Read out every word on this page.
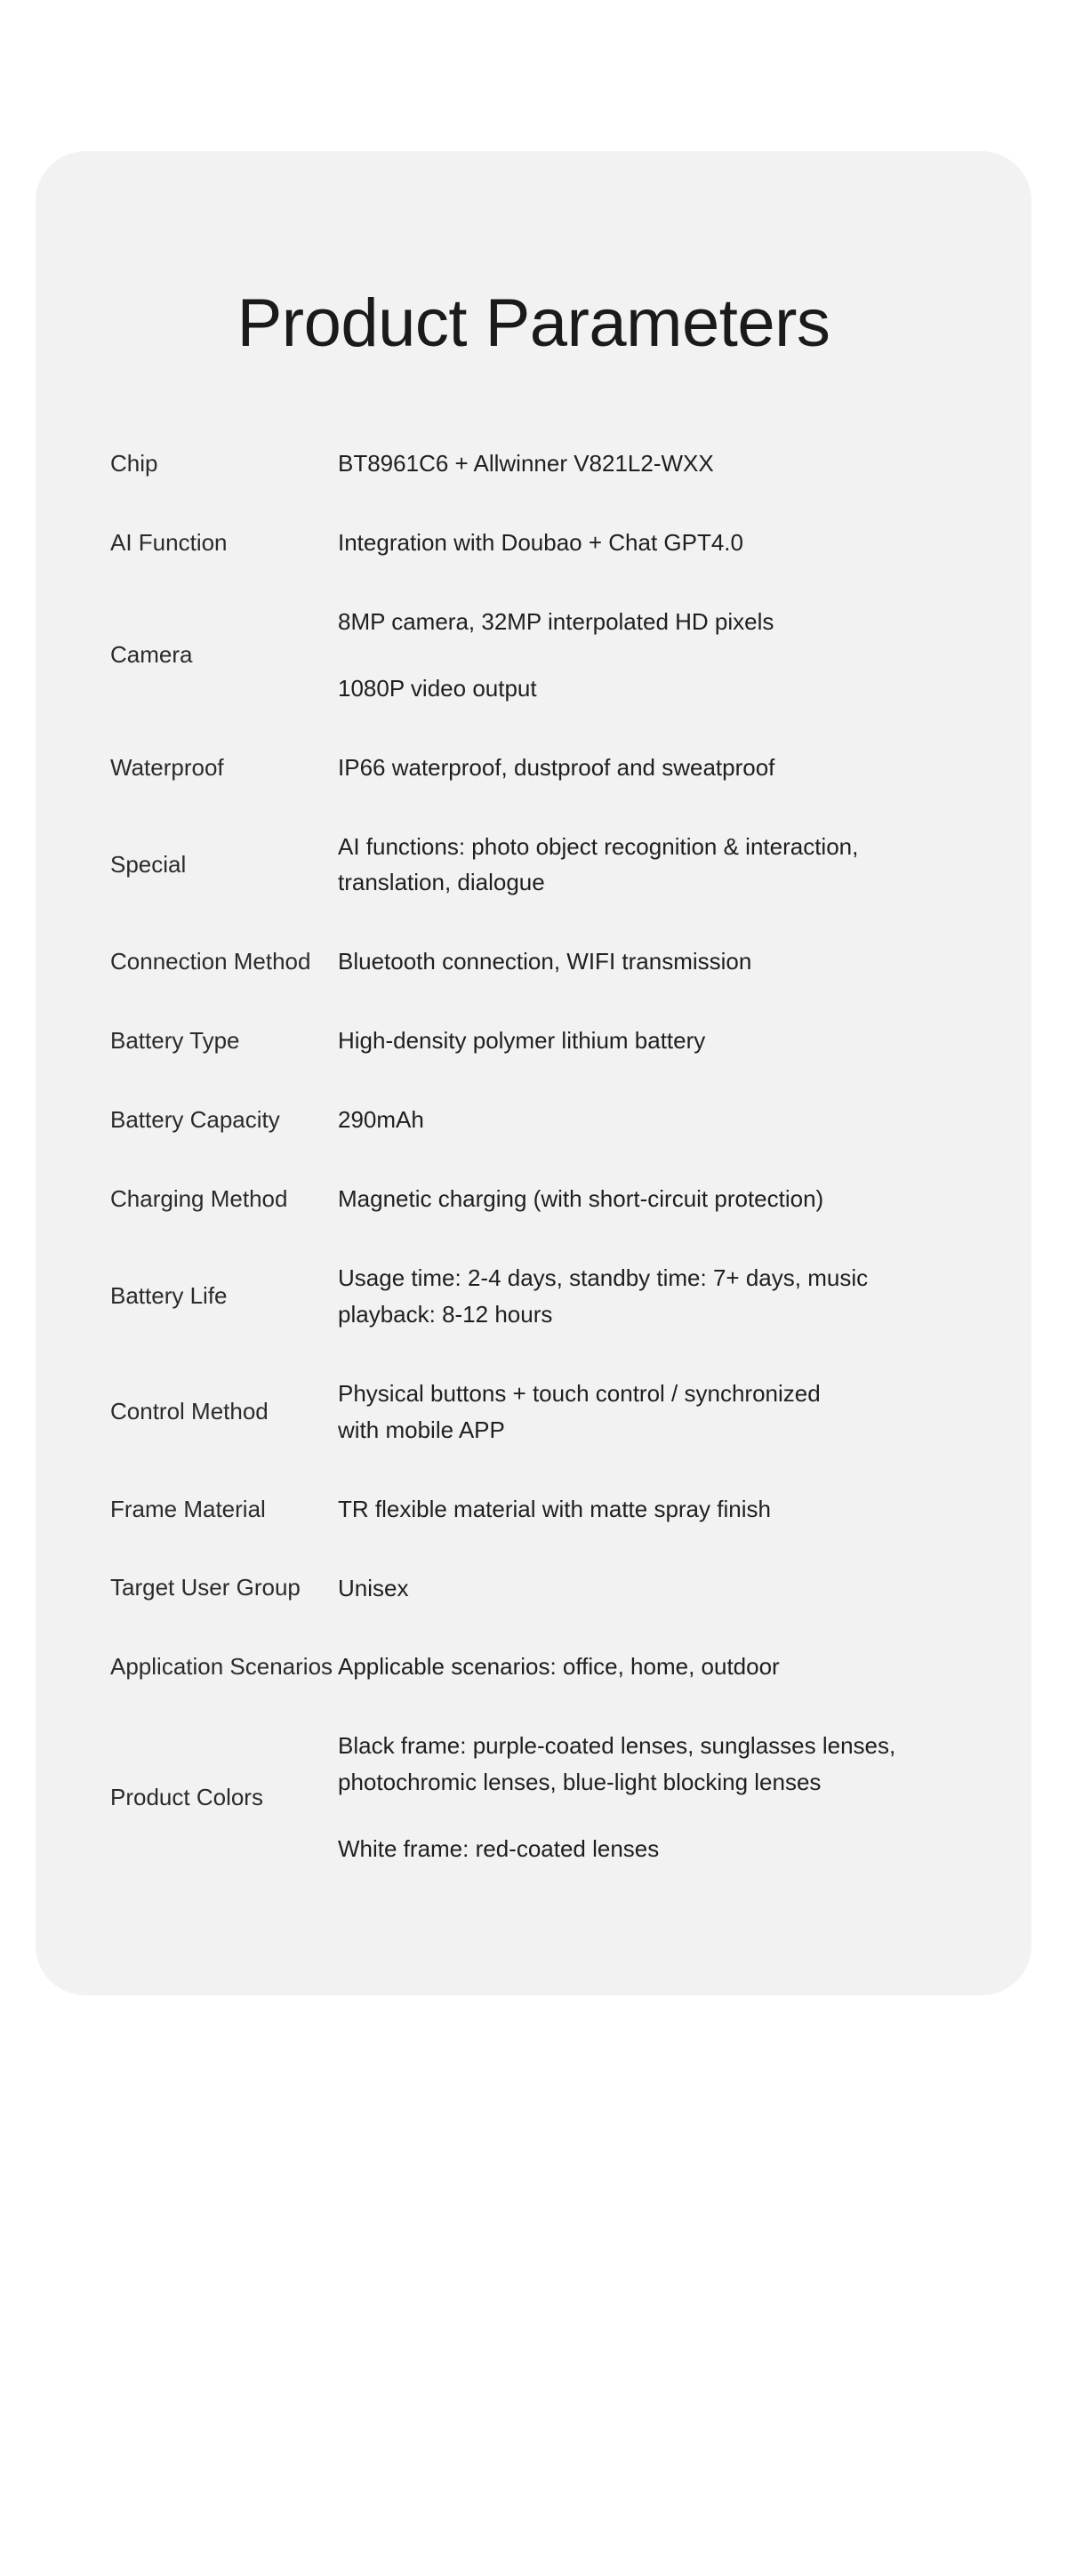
Product Parameters
Chip	BT8961C6 + Allwinner V821L2-WXX

AI Function	Integration with Doubao + Chat GPT4.0

Camera	8MP camera, 32MP interpolated HD pixels
1080P video output

Waterproof	IP66 waterproof, dustproof and sweatproof

Special	AI functions: photo object recognition & interaction,
translation, dialogue

Connection Method	Bluetooth connection, WIFI transmission

Battery Type	High-density polymer lithium battery

Battery Capacity	290mAh

Charging Method	Magnetic charging (with short-circuit protection)

Battery Life	Usage time: 2-4 days, standby time: 7+ days, music
playback: 8-12 hours

Control Method	Physical buttons + touch control / synchronized
with mobile APP

Frame Material	TR flexible material with matte spray finish

Target User Group	Unisex

Application Scenarios	Applicable scenarios: office, home, outdoor

Product Colors	Black frame: purple-coated lenses, sunglasses lenses,
photochromic lenses, blue-light blocking lenses
White frame: red-coated lenses
